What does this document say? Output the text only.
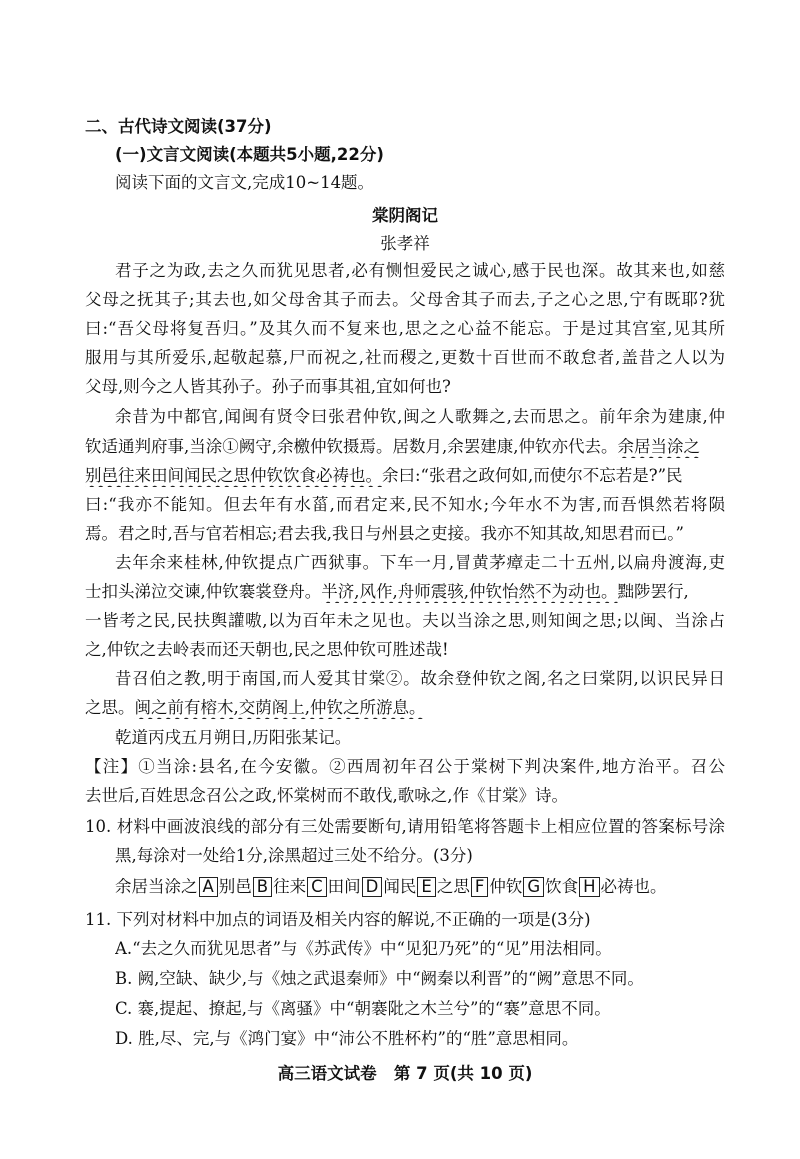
二、古代诗文阅读(37分)
(一)文言文阅读(本题共5小题,22分)
阅读下面的文言文,完成10~14题。
棠阴阁记
张孝祥
君子之为政,去之久而犹见思者,必有恻怛爱民之诚心,感于民也深。故其来也,如慈
父母之抚其子;其去也,如父母舍其子而去。父母舍其子而去,子之心之思,宁有既耶?犹
曰:“吾父母将复吾归。”及其久而不复来也,思之之心益不能忘。于是过其宫室,见其所
服用与其所爱乐,起敬起慕,尸而祝之,社而稷之,更数十百世而不敢怠者,盖昔之人以为
父母,则今之人皆其孙子。孙子而事其祖,宜如何也?
余昔为中都官,闻闽有贤令曰张君仲钦,闽之人歌舞之,去而思之。前年余为建康,仲
钦适通判府事,当涂①阙守,余檄仲钦摄焉。居数月,余罢建康,仲钦亦代去。余居当涂之
别邑往来田间闻民之思仲钦饮食必祷也。余曰:“张君之政何如,而使尔不忘若是?”民
曰:“我亦不能知。但去年有水菑,而君定来,民不知水;今年水不为害,而吾惧然若将陨
焉。君之时,吾与官若相忘;君去我,我日与州县之吏接。我亦不知其故,知思君而已。”
去年余来桂林,仲钦提点广西狱事。下车一月,冒黄茅瘴走二十五州,以扁舟渡海,吏
士扣头涕泣交谏,仲钦褰裳登舟。半济,风作,舟师震骇,仲钦怡然不为动也。黜陟罢行,
一皆考之民,民扶舆讙嗷,以为百年未之见也。夫以当涂之思,则知闽之思;以闽、当涂占
之,仲钦之去岭表而还天朝也,民之思仲钦可胜述哉!
昔召伯之教,明于南国,而人爱其甘棠②。故余登仲钦之阁,名之曰棠阴,以识民异日
之思。闽之前有榕木,交荫阁上,仲钦之所游息。
乾道丙戌五月朔日,历阳张某记。
【注】①当涂:县名,在今安徽。②西周初年召公于棠树下判决案件,地方治平。召公
去世后,百姓思念召公之政,怀棠树而不敢伐,歌咏之,作《甘棠》诗。
10. 材料中画波浪线的部分有三处需要断句,请用铅笔将答题卡上相应位置的答案标号涂
黑,每涂对一处给1分,涂黑超过三处不给分。(3分)
余居当涂之 A 别邑 B 往来 C 田间 D 闻民 E 之思 F 仲钦 G 饮食 H 必祷也。
11. 下列对材料中加点的词语及相关内容的解说,不正确的一项是(3分)
A.“去之久而犹见思者”与《苏武传》中“见犯乃死”的“见”用法相同。
B. 阙,空缺、缺少,与《烛之武退秦师》中“阙秦以利晋”的“阙”意思不同。
C. 褰,提起、撩起,与《离骚》中“朝褰阰之木兰兮”的“褰”意思不同。
D. 胜,尽、完,与《鸿门宴》中“沛公不胜杯杓”的“胜”意思相同。
高三语文试卷   第 7 页(共 10 页)
